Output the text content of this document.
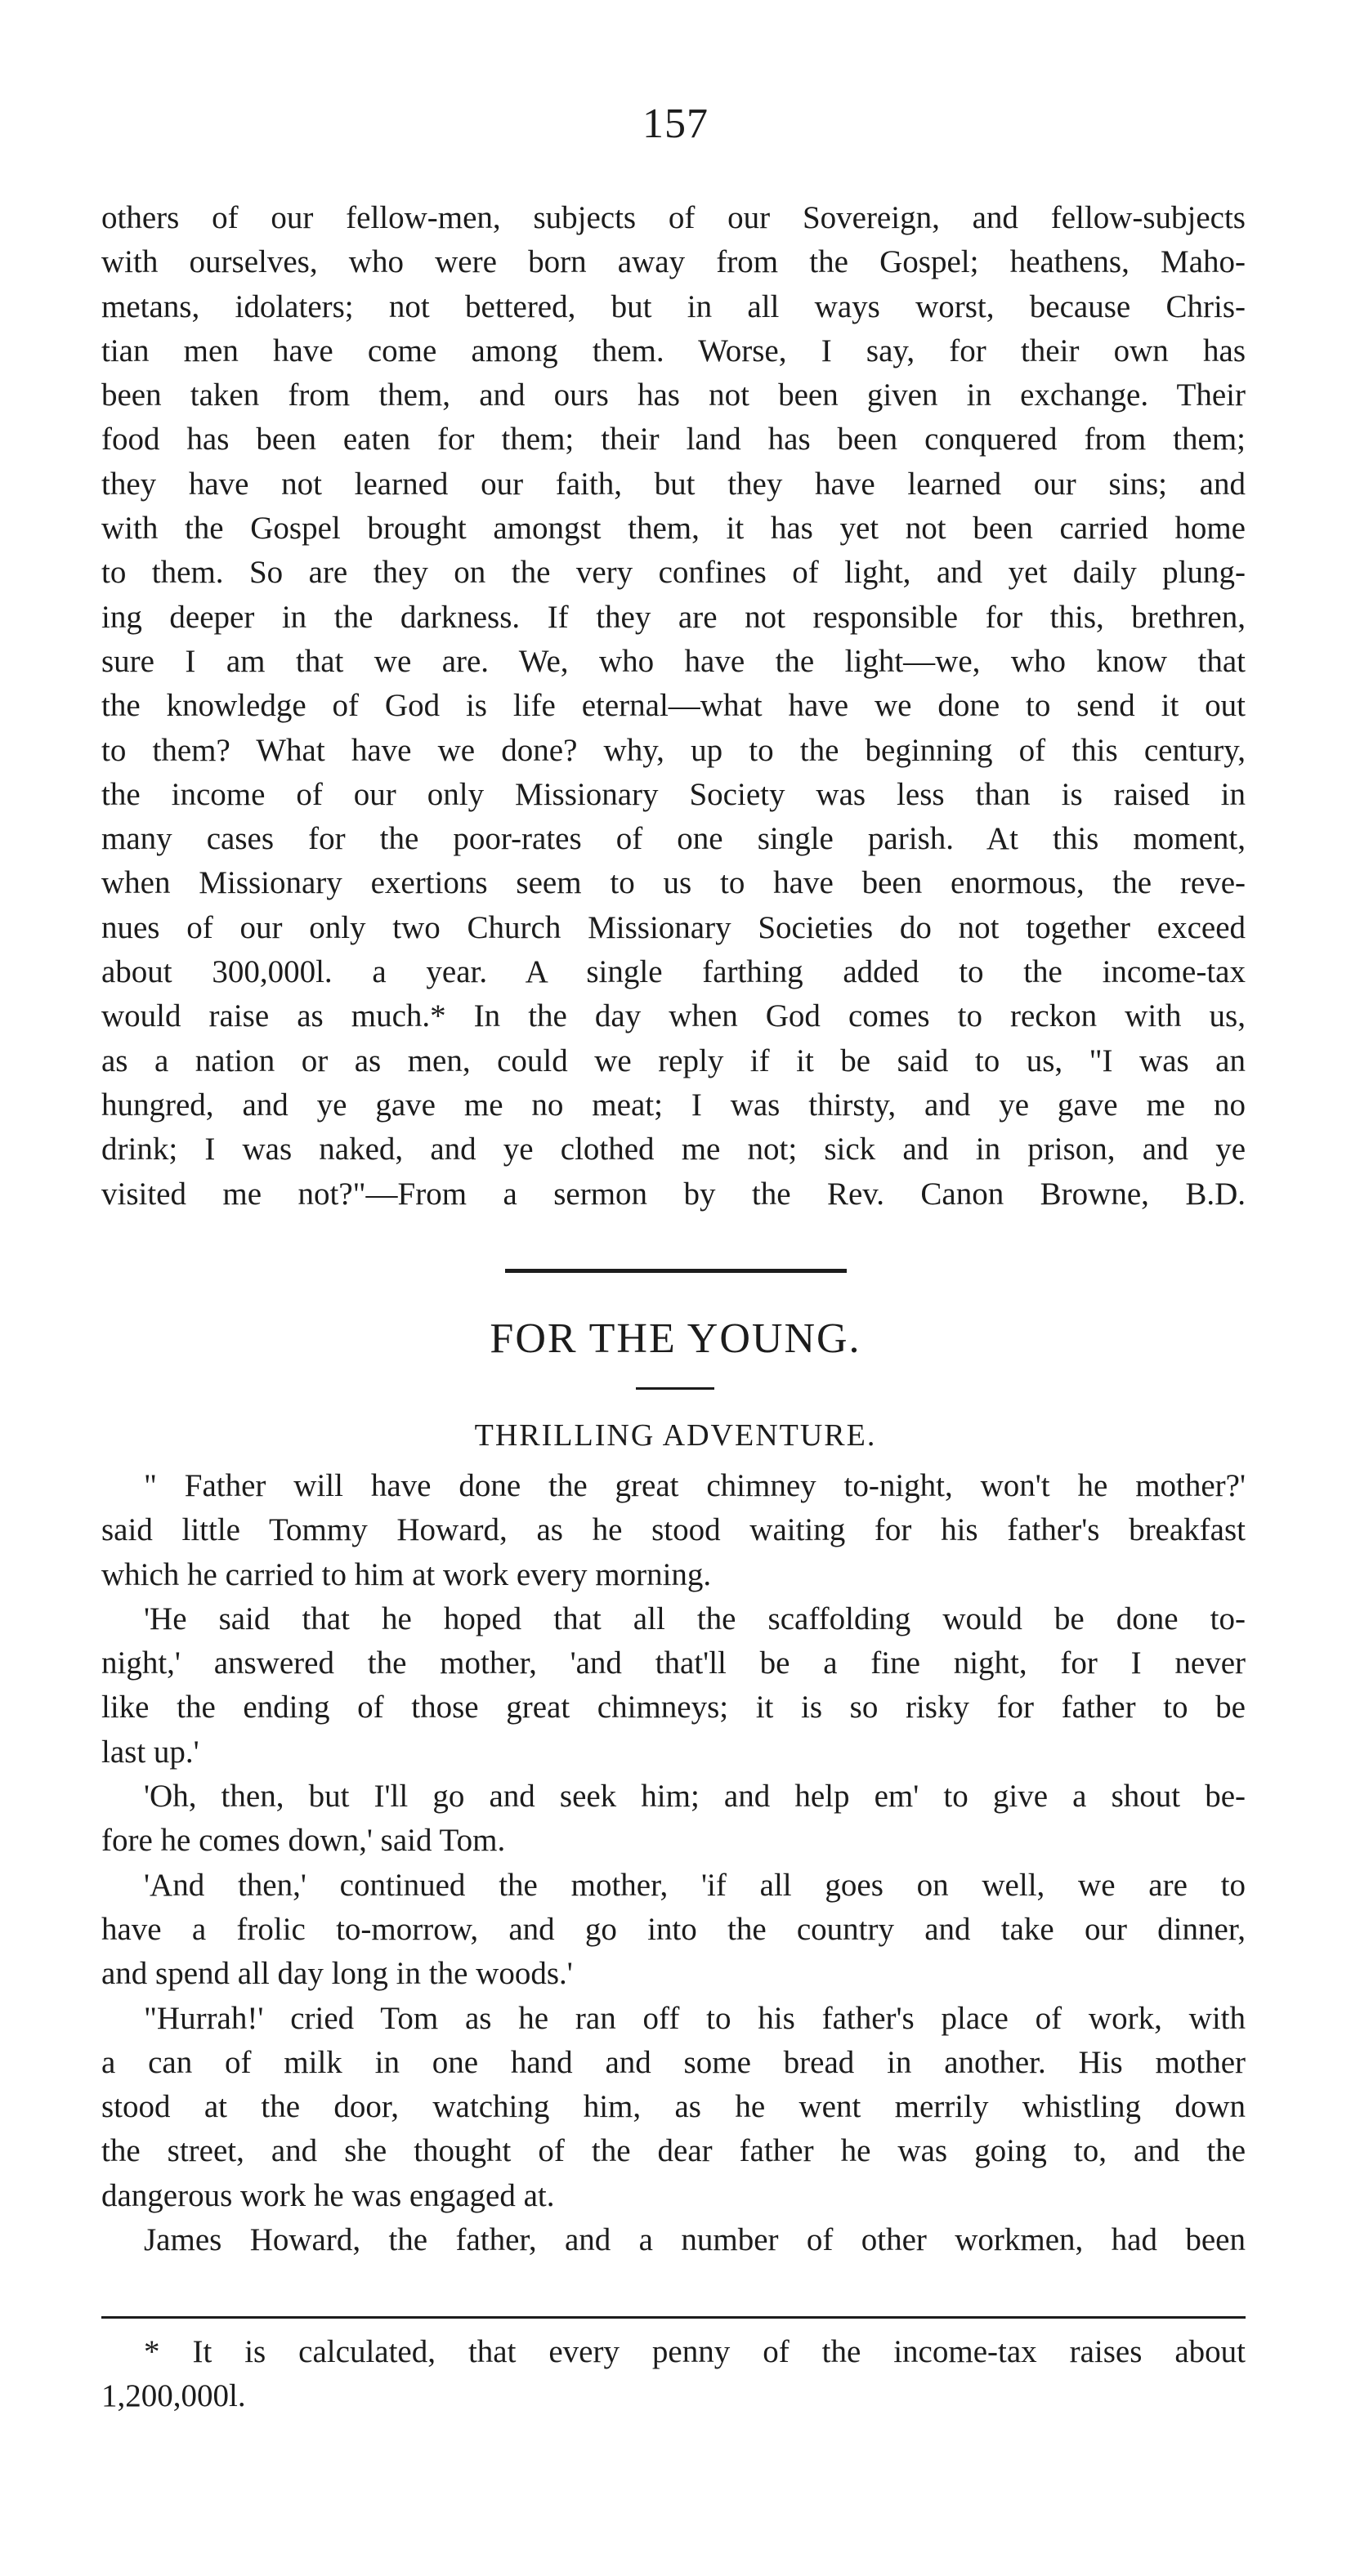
157
others of our fellow-men, subjects of our Sovereign, and fellow-subjects
with ourselves, who were born away from the Gospel; heathens, Maho-
metans, idolaters; not bettered, but in all ways worst, because Chris-
tian men have come among them. Worse, I say, for their own has
been taken from them, and ours has not been given in exchange. Their
food has been eaten for them; their land has been conquered from them;
they have not learned our faith, but they have learned our sins; and
with the Gospel brought amongst them, it has yet not been carried home
to them. So are they on the very confines of light, and yet daily plung-
ing deeper in the darkness. If they are not responsible for this, brethren,
sure I am that we are. We, who have the light—we, who know that
the knowledge of God is life eternal—what have we done to send it out
to them? What have we done? why, up to the beginning of this century,
the income of our only Missionary Society was less than is raised in
many cases for the poor-rates of one single parish. At this moment,
when Missionary exertions seem to us to have been enormous, the reve-
nues of our only two Church Missionary Societies do not together exceed
about 300,000l. a year. A single farthing added to the income-tax
would raise as much.* In the day when God comes to reckon with us,
as a nation or as men, could we reply if it be said to us, "I was an
hungred, and ye gave me no meat; I was thirsty, and ye gave me no
drink; I was naked, and ye clothed me not; sick and in prison, and ye
visited me not?"—From a sermon by the Rev. Canon Browne, B.D.
FOR THE YOUNG.
THRILLING ADVENTURE.
" Father will have done the great chimney to-night, won't he mother?'
said little Tommy Howard, as he stood waiting for his father's breakfast
which he carried to him at work every morning.
'He said that he hoped that all the scaffolding would be done to-
night,' answered the mother, 'and that'll be a fine night, for I never
like the ending of those great chimneys; it is so risky for father to be
last up.'
'Oh, then, but I'll go and seek him; and help em' to give a shout be-
fore he comes down,' said Tom.
'And then,' continued the mother, 'if all goes on well, we are to
have a frolic to-morrow, and go into the country and take our dinner,
and spend all day long in the woods.'
"Hurrah!' cried Tom as he ran off to his father's place of work, with
a can of milk in one hand and some bread in another. His mother
stood at the door, watching him, as he went merrily whistling down
the street, and she thought of the dear father he was going to, and the
dangerous work he was engaged at.
James Howard, the father, and a number of other workmen, had been
* It is calculated, that every penny of the income-tax raises about
1,200,000l.
